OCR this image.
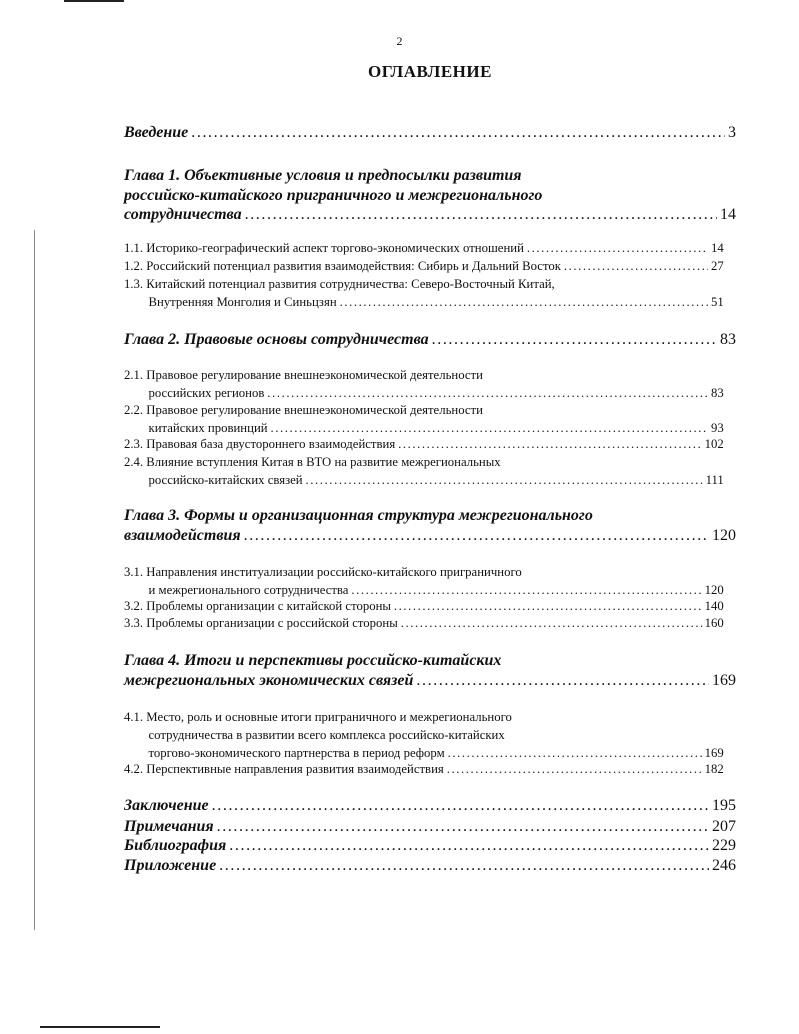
2
ОГЛАВЛЕНИЕ
Введение .....	3
Глава 1. Объективные условия и предпосылки развития
российско-китайского приграничного и межрегионального
сотрудничества .....	14
1.1. Историко-географический аспект торгово-экономических отношений .....	14
1.2. Российский потенциал развития взаимодействия: Сибирь и Дальний Восток .....	27
1.3. Китайский потенциал развития сотрудничества: Северо-Восточный Китай,
Внутренняя Монголия и Синьцзян .....	51
Глава 2. Правовые основы сотрудничества .....	83
2.1. Правовое регулирование внешнеэкономической деятельности
российских регионов .....	83
2.2. Правовое регулирование внешнеэкономической деятельности
китайских провинций .....	93
2.3. Правовая база двустороннего взаимодействия .....	102
2.4. Влияние вступления Китая в ВТО на развитие межрегиональных
российско-китайских связей .....	111
Глава 3. Формы и организационная структура межрегионального
взаимодействия .....	120
3.1. Направления институализации российско-китайского приграничного
и межрегионального сотрудничества .....	120
3.2. Проблемы организации с китайской стороны .....	140
3.3. Проблемы организации с российской стороны .....	160
Глава 4. Итоги и перспективы российско-китайских
межрегиональных экономических связей .....	169
4.1. Место, роль и основные итоги приграничного и межрегионального
сотрудничества в развитии всего комплекса российско-китайских
торгово-экономического партнерства в период реформ .....	169
4.2. Перспективные направления развития взаимодействия .....	182
Заключение .....	195
Примечания .....	207
Библиография .....	229
Приложение .....	246
